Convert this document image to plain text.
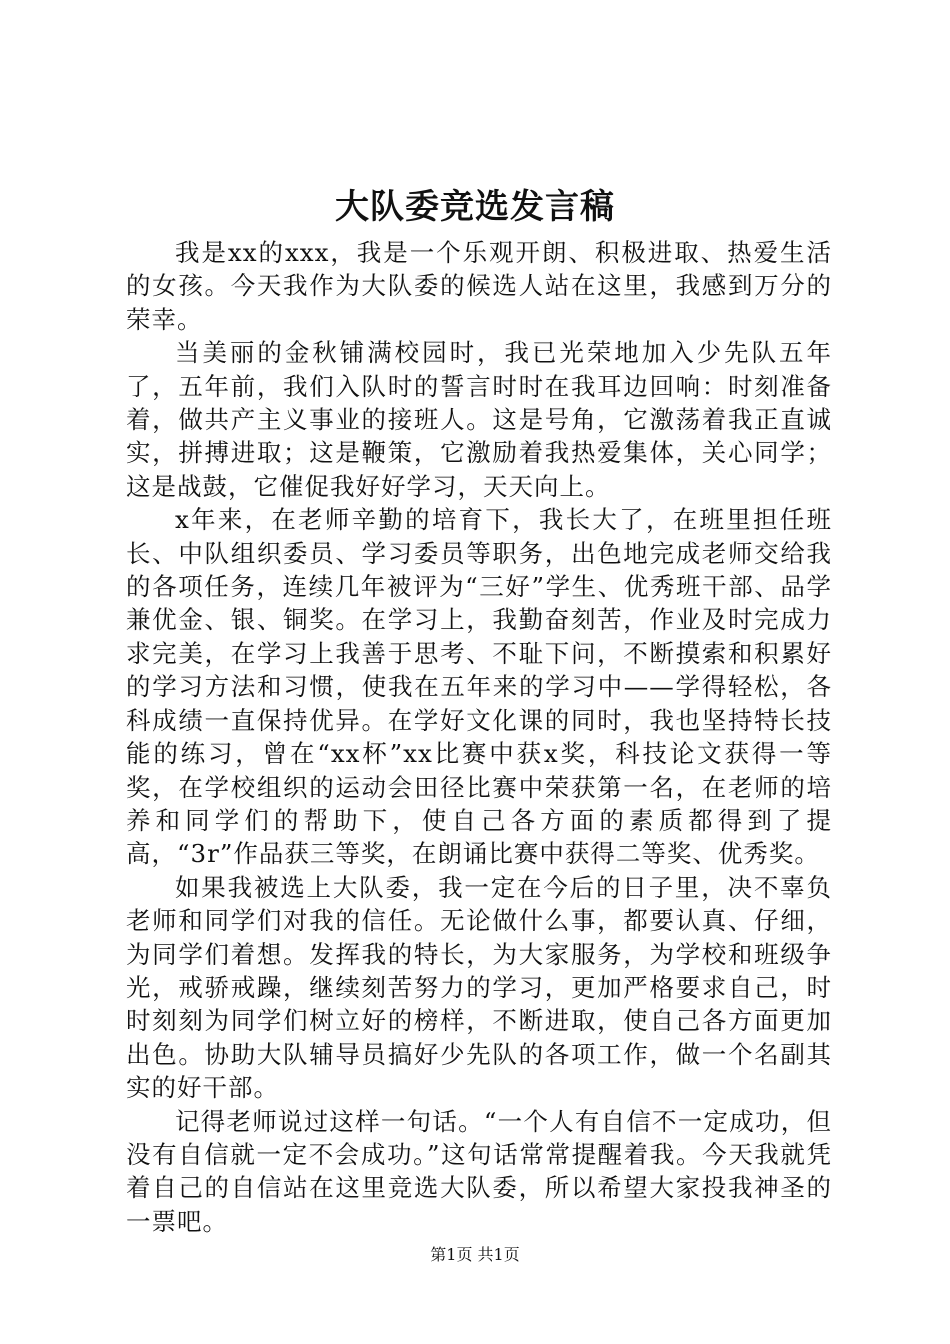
大队委竞选发言稿

我是xx的xxx，我是一个乐观开朗、积极进取、热爱生活的女孩。今天我作为大队委的候选人站在这里，我感到万分的荣幸。

当美丽的金秋铺满校园时，我已光荣地加入少先队五年了，五年前，我们入队时的誓言时时在我耳边回响：时刻准备着，做共产主义事业的接班人。这是号角，它激荡着我正直诚实，拼搏进取；这是鞭策，它激励着我热爱集体，关心同学；这是战鼓，它催促我好好学习，天天向上。

x年来，在老师辛勤的培育下，我长大了，在班里担任班长、中队组织委员、学习委员等职务，出色地完成老师交给我的各项任务，连续几年被评为“三好”学生、优秀班干部、品学兼优金、银、铜奖。在学习上，我勤奋刻苦，作业及时完成力求完美，在学习上我善于思考、不耻下问，不断摸索和积累好的学习方法和习惯，使我在五年来的学习中——学得轻松，各科成绩一直保持优异。在学好文化课的同时，我也坚持特长技能的练习，曾在“xx杯”xx比赛中获x奖，科技论文获得一等奖，在学校组织的运动会田径比赛中荣获第一名，在老师的培养和同学们的帮助下，使自己各方面的素质都得到了提高，“3r”作品获三等奖，在朗诵比赛中获得二等奖、优秀奖。

如果我被选上大队委，我一定在今后的日子里，决不辜负老师和同学们对我的信任。无论做什么事，都要认真、仔细，为同学们着想。发挥我的特长，为大家服务，为学校和班级争光，戒骄戒躁，继续刻苦努力的学习，更加严格要求自己，时时刻刻为同学们树立好的榜样，不断进取，使自己各方面更加出色。协助大队辅导员搞好少先队的各项工作，做一个名副其实的好干部。

记得老师说过这样一句话。“一个人有自信不一定成功，但没有自信就一定不会成功。”这句话常常提醒着我。今天我就凭着自己的自信站在这里竞选大队委，所以希望大家投我神圣的一票吧。

第1页 共1页
